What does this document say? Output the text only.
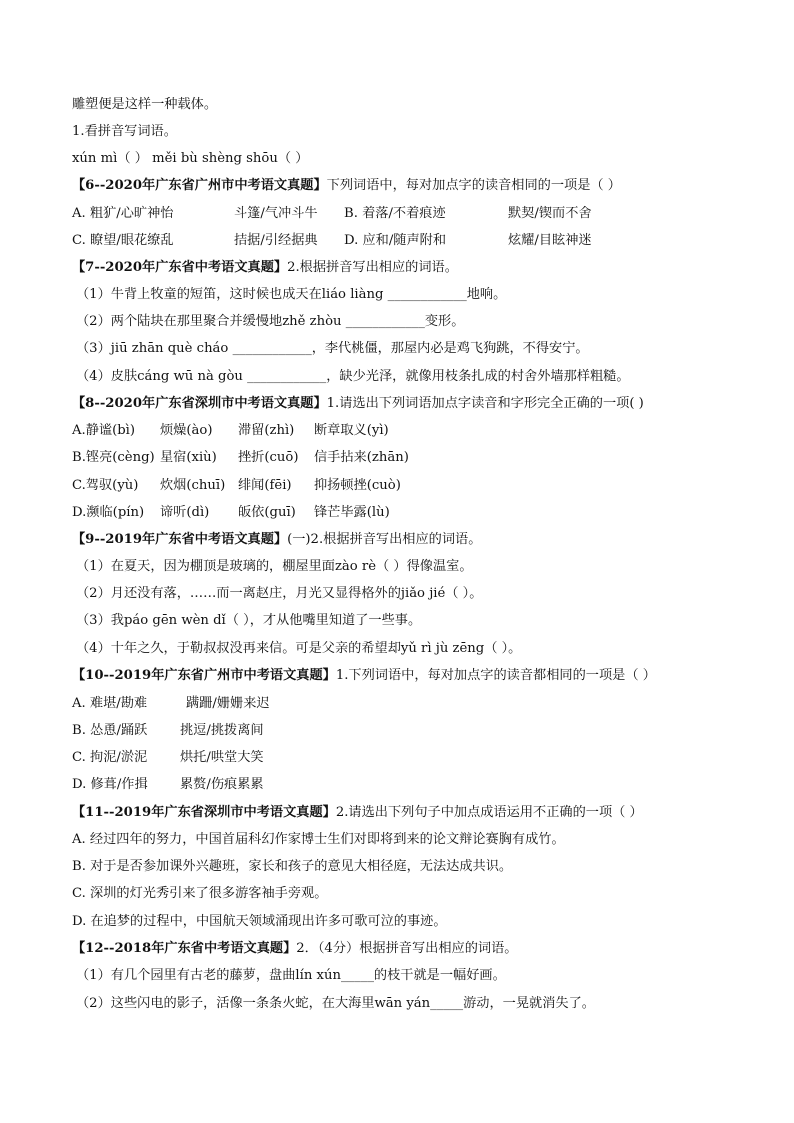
雕塑便是这样一种载体。
1.看拼音写词语。
xún mì（ ） měi bù shèng shōu（ ）
【6--2020年广东省广州市中考语文真题】下列词语中，每对加点字的读音相同的一项是（ ）
A. 粗犷/心旷神怡	斗篷/气冲斗牛 B. 着落/不着痕迹	默契/锲而不舍
C. 瞭望/眼花缭乱	拮据/引经据典 D. 应和/随声附和	炫耀/目眩神迷
【7--2020年广东省中考语文真题】2.根据拼音写出相应的词语。
（1）牛背上牧童的短笛，这时候也成天在liáo liàng ____________地响。
（2）两个陆块在那里聚合并缓慢地zhě zhòu ____________变形。
（3）jiū zhān què cháo ____________，李代桃僵，那屋内必是鸡飞狗跳，不得安宁。
（4）皮肤cáng wū nà gòu ____________，缺少光泽，就像用枝条扎成的村舍外墙那样粗糙。
【8--2020年广东省深圳市中考语文真题】1.请选出下列词语加点字读音和字形完全正确的一项( )
A.静谧(bì) 烦燥(ào) 滞留(zhì) 断章取义(yì)
B.铿亮(cèng) 星宿(xiù) 挫折(cuō) 信手拈来(zhān)
C.驾驭(yù) 炊烟(chuī) 绯闻(fēi) 抑扬顿挫(cuò)
D.濒临(pín) 谛听(dì) 皈依(guī) 锋芒毕露(lù)
【9--2019年广东省中考语文真题】(一)2.根据拼音写出相应的词语。
（1）在夏天，因为棚顶是玻璃的，棚屋里面zào rè（ ）得像温室。
（2）月还没有落，……而一离赵庄，月光又显得格外的jiǎo jié（ ）。
（3）我páo gēn wèn dǐ（ ），才从他嘴里知道了一些事。
（4）十年之久，于勒叔叔没再来信。可是父亲的希望却yǔ rì jù zēng（ ）。
【10--2019年广东省广州市中考语文真题】1.下列词语中，每对加点字的读音都相同的一项是（ ）
A. 难堪/勘难	蹒跚/姗姗来迟
B. 怂恿/踊跃 挑逗/挑拨离间
C. 拘泥/淤泥 烘托/哄堂大笑
D. 修葺/作揖 累赘/伤痕累累
【11--2019年广东省深圳市中考语文真题】2.请选出下列句子中加点成语运用不正确的一项（ ）
A. 经过四年的努力，中国首届科幻作家博士生们对即将到来的论文辩论赛胸有成竹。
B. 对于是否参加课外兴趣班，家长和孩子的意见大相径庭，无法达成共识。
C. 深圳的灯光秀引来了很多游客袖手旁观。
D. 在追梦的过程中，中国航天领域涌现出许多可歌可泣的事迹。
【12--2018年广东省中考语文真题】2．（4分）根据拼音写出相应的词语。
（1）有几个园里有古老的藤萝，盘曲lín xún_____的枝干就是一幅好画。
（2）这些闪电的影子，活像一条条火蛇，在大海里wān yán_____游动，一晃就消失了。
